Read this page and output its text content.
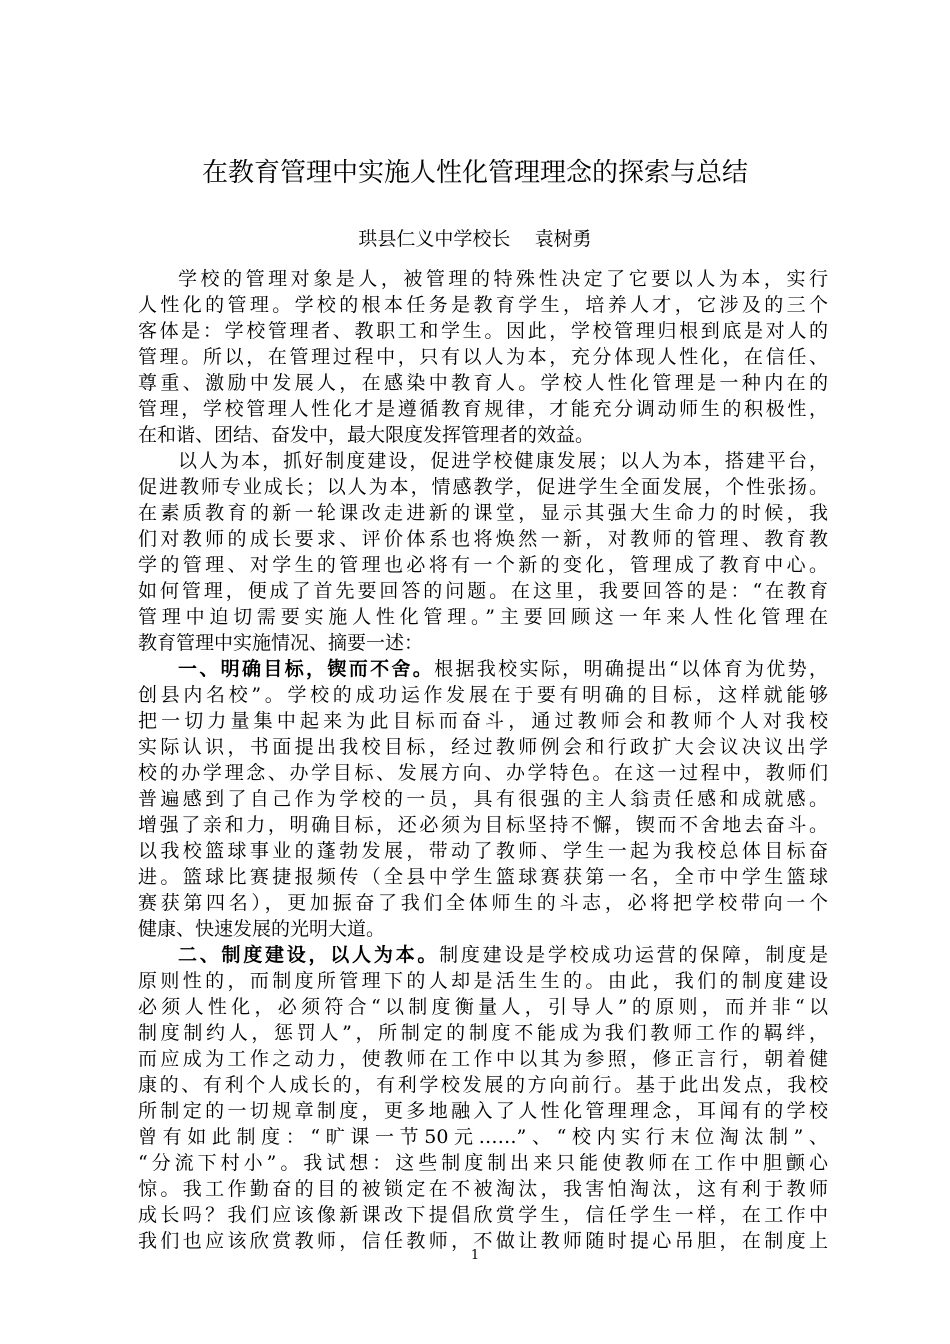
在教育管理中实施人性化管理理念的探索与总结
珙县仁义中学校长    袁树勇
学校的管理对象是人，被管理的特殊性决定了它要以人为本，实行
人性化的管理。学校的根本任务是教育学生，培养人才，它涉及的三个
客体是：学校管理者、教职工和学生。因此，学校管理归根到底是对人的
管理。所以，在管理过程中，只有以人为本，充分体现人性化，在信任、
尊重、激励中发展人，在感染中教育人。学校人性化管理是一种内在的
管理，学校管理人性化才是遵循教育规律，才能充分调动师生的积极性，
在和谐、团结、奋发中，最大限度发挥管理者的效益。
以人为本，抓好制度建设，促进学校健康发展；以人为本，搭建平台，
促进教师专业成长；以人为本，情感教学，促进学生全面发展，个性张扬。
在素质教育的新一轮课改走进新的课堂，显示其强大生命力的时候，我
们对教师的成长要求、评价体系也将焕然一新，对教师的管理、教育教
学的管理、对学生的管理也必将有一个新的变化，管理成了教育中心。
如何管理，便成了首先要回答的问题。在这里，我要回答的是：“在教育
管理中迫切需要实施人性化管理。”主要回顾这一年来人性化管理在
教育管理中实施情况、摘要一述：
一、明确目标，锲而不舍。根据我校实际，明确提出“以体育为优势，
创县内名校”。学校的成功运作发展在于要有明确的目标，这样就能够
把一切力量集中起来为此目标而奋斗，通过教师会和教师个人对我校
实际认识，书面提出我校目标，经过教师例会和行政扩大会议决议出学
校的办学理念、办学目标、发展方向、办学特色。在这一过程中，教师们
普遍感到了自己作为学校的一员，具有很强的主人翁责任感和成就感。
增强了亲和力，明确目标，还必须为目标坚持不懈，锲而不舍地去奋斗。
以我校篮球事业的蓬勃发展，带动了教师、学生一起为我校总体目标奋
进。篮球比赛捷报频传（全县中学生篮球赛获第一名，全市中学生篮球
赛获第四名），更加振奋了我们全体师生的斗志，必将把学校带向一个
健康、快速发展的光明大道。
二、制度建设，以人为本。制度建设是学校成功运营的保障，制度是
原则性的，而制度所管理下的人却是活生生的。由此，我们的制度建设
必须人性化，必须符合“以制度衡量人，引导人”的原则，而并非“以
制度制约人，惩罚人”，所制定的制度不能成为我们教师工作的羁绊，
而应成为工作之动力，使教师在工作中以其为参照，修正言行，朝着健
康的、有利个人成长的，有利学校发展的方向前行。基于此出发点，我校
所制定的一切规章制度，更多地融入了人性化管理理念，耳闻有的学校
曾有如此制度：“旷课一节50元……”、“校内实行末位淘汰制”、
“分流下村小”。我试想：这些制度制出来只能使教师在工作中胆颤心
惊。我工作勤奋的目的被锁定在不被淘汰，我害怕淘汰，这有利于教师
成长吗？我们应该像新课改下提倡欣赏学生，信任学生一样，在工作中
我们也应该欣赏教师，信任教师，不做让教师随时提心吊胆，在制度上
1
